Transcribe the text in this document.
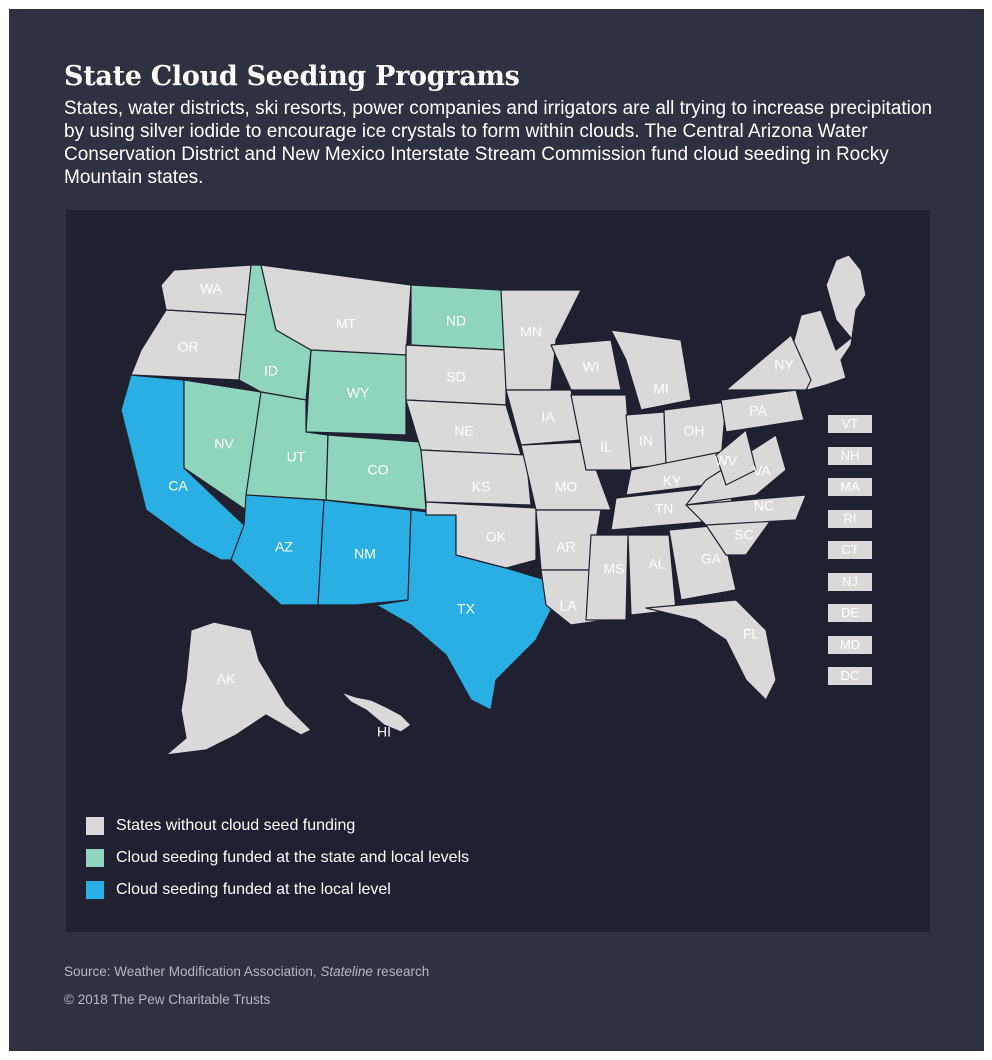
State Cloud Seeding Programs

States, water districts, ski resorts, power companies and irrigators are all trying to increase precipitation by using silver iodide to encourage ice crystals to form within clouds. The Central Arizona Water Conservation District and New Mexico Interstate Stream Commission fund cloud seeding in Rocky Mountain states.

WA
OR
CA
NV
ID
MT
WY
UT
CO
AZ	NM
TX
ND
SD
NE
KS
OK
MN
IA
MO
AR
LA
WI
IL
MI
IN
OH
KY
TN
MS AL	GA
FL
SC
NC
VA
WV
PA
NY
AK
HI
VT
NH
MA
RI
CT
NJ
DE
MD
DC
States without cloud seed funding
Cloud seeding funded at the state and local levels
Cloud seeding funded at the local level
Source: Weather Modification Association, Stateline research
© 2018 The Pew Charitable Trusts
